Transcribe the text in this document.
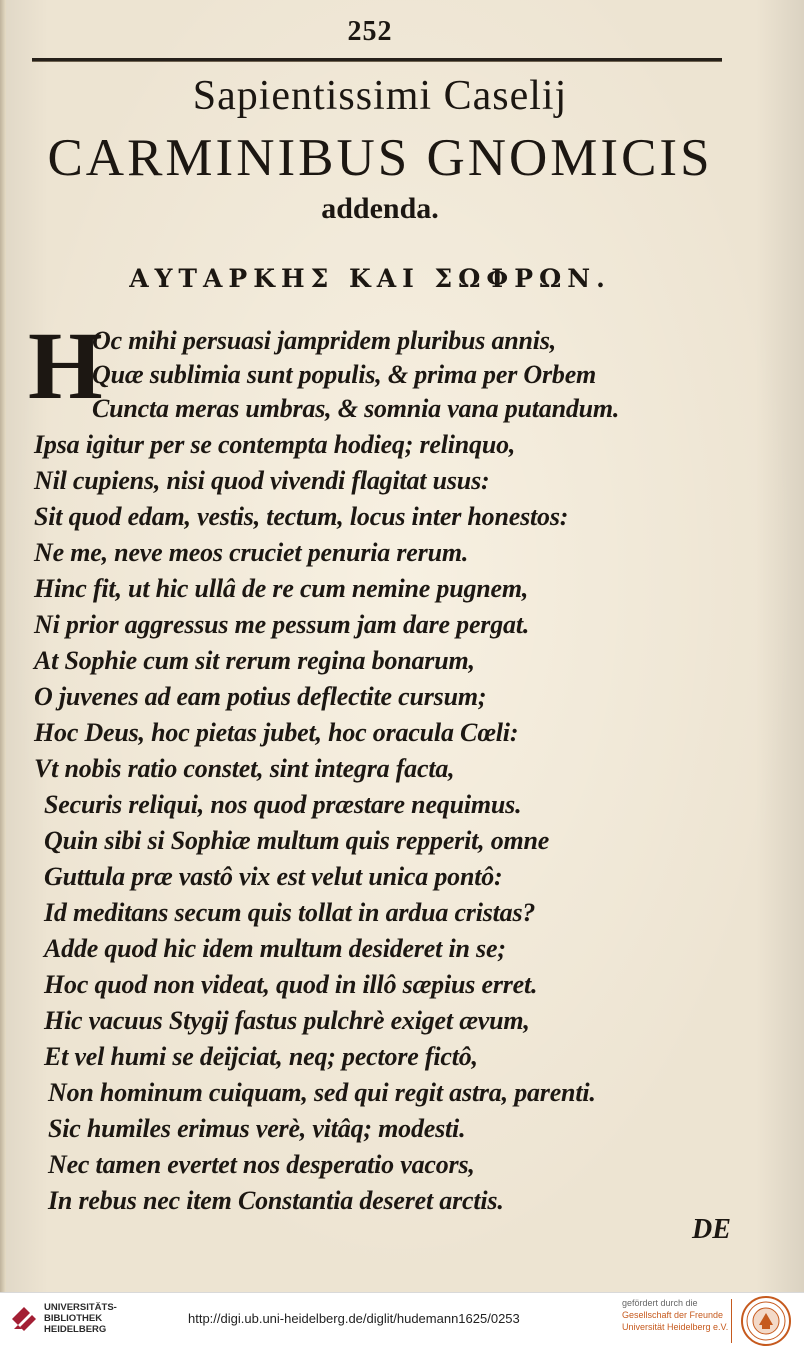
252
Sapientissimi Caselij
CARMINIBUS GNOMICIS
addenda.
ΑΥΤΑΡΚΗΣ ΚΑΙ ΣΩΦΡΩΝ.
H
Oc mihi persuasi jampridem pluribus annis,
Quæ sublimia sunt populis, & prima per Orbem
Cuncta meras umbras, & somnia vana putandum.
Ipsa igitur per se contempta hodieq; relinquo,
Nil cupiens, nisi quod vivendi flagitat usus:
Sit quod edam, vestis, tectum, locus inter honestos:
Ne me, neve meos cruciet penuria rerum.
Hinc fit, ut hic ullâ de re cum nemine pugnem,
Ni prior aggressus me pessum jam dare pergat.
At Sophie cum sit rerum regina bonarum,
O juvenes ad eam potius deflectite cursum;
Hoc Deus, hoc pietas jubet, hoc oracula Cœli:
Vt nobis ratio constet, sint integra facta,
Securis reliqui, nos quod præstare nequimus.
Quin sibi si Sophiæ multum quis repperit, omne
Guttula præ vastô vix est velut unica pontô:
Id meditans secum quis tollat in ardua cristas?
Adde quod hic idem multum desideret in se;
Hoc quod non videat, quod in illô sæpius erret.
Hic vacuus Stygij fastus pulchrè exiget ævum,
Et vel humi se deijciat, neq; pectore fictô,
Non hominum cuiquam, sed qui regit astra, parenti.
Sic humiles erimus verè, vitâq; modesti.
Nec tamen evertet nos desperatio vacors,
In rebus nec item Constantia deseret arctis.
DE
UNIVERSITÄTS-
BIBLIOTHEK
HEIDELBERG
http://digi.ub.uni-heidelberg.de/diglit/hudemann1625/0253
gefördert durch die
Gesellschaft der Freunde
Universität Heidelberg e.V.
